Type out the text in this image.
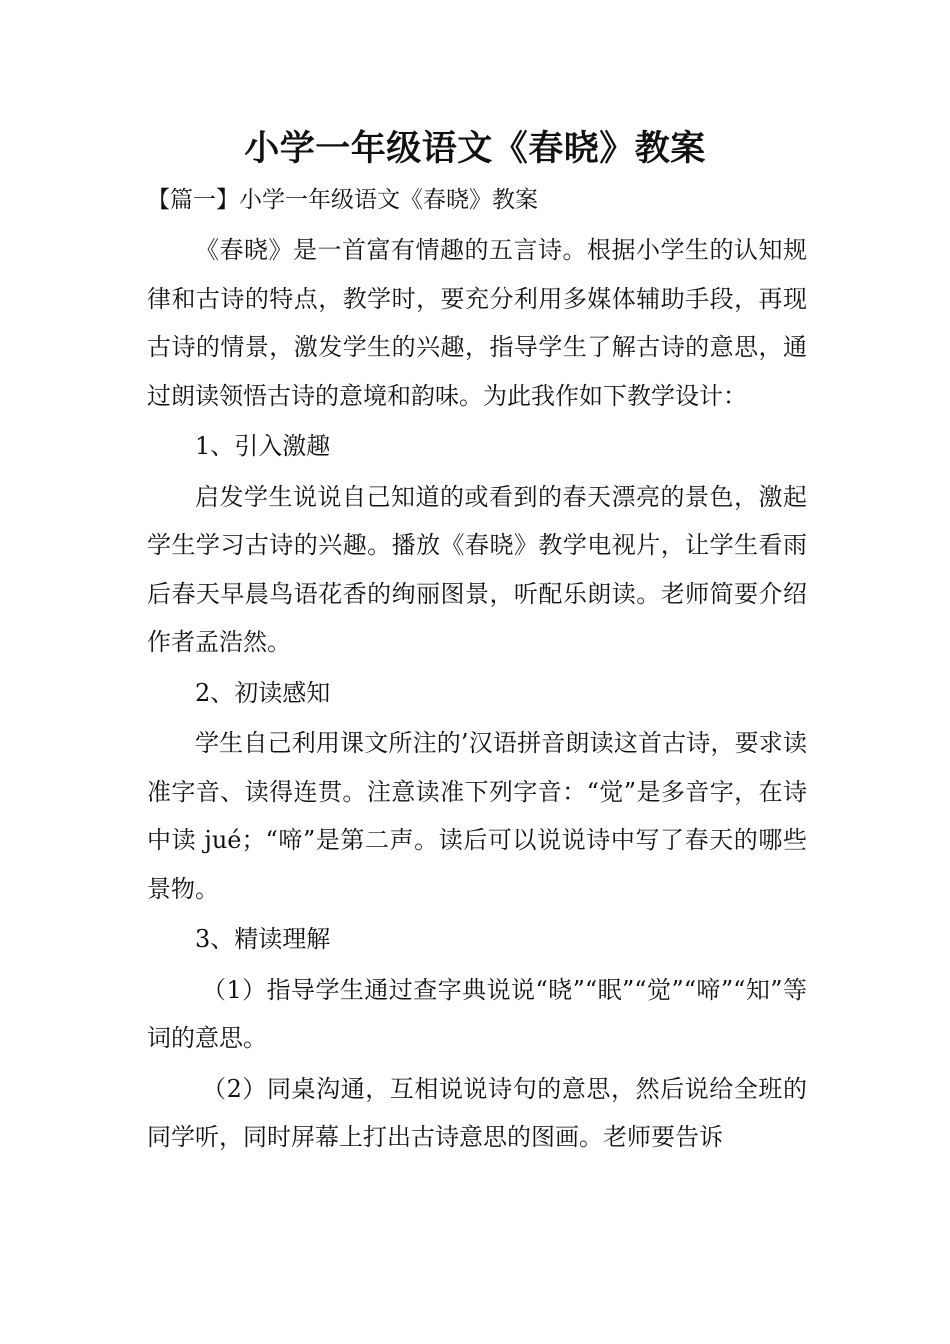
小学一年级语文《春晓》教案
【篇一】小学一年级语文《春晓》教案

《春晓》是一首富有情趣的五言诗。根据小学生的认知规律和古诗的特点，教学时，要充分利用多媒体辅助手段，再现古诗的情景，激发学生的兴趣，指导学生了解古诗的意思，通过朗读领悟古诗的意境和韵味。为此我作如下教学设计：

1、引入激趣

启发学生说说自己知道的或看到的春天漂亮的景色，激起学生学习古诗的兴趣。播放《春晓》教学电视片，让学生看雨后春天早晨鸟语花香的绚丽图景，听配乐朗读。老师简要介绍作者孟浩然。

2、初读感知

学生自己利用课文所注的’汉语拼音朗读这首古诗，要求读准字音、读得连贯。注意读准下列字音：“觉”是多音字，在诗中读 jué；“啼”是第二声。读后可以说说诗中写了春天的哪些景物。

3、精读理解

（1）指导学生通过查字典说说“晓”“眠”“觉”“啼”“知”等词的意思。

（2）同桌沟通，互相说说诗句的意思，然后说给全班的同学听，同时屏幕上打出古诗意思的图画。老师要告诉
